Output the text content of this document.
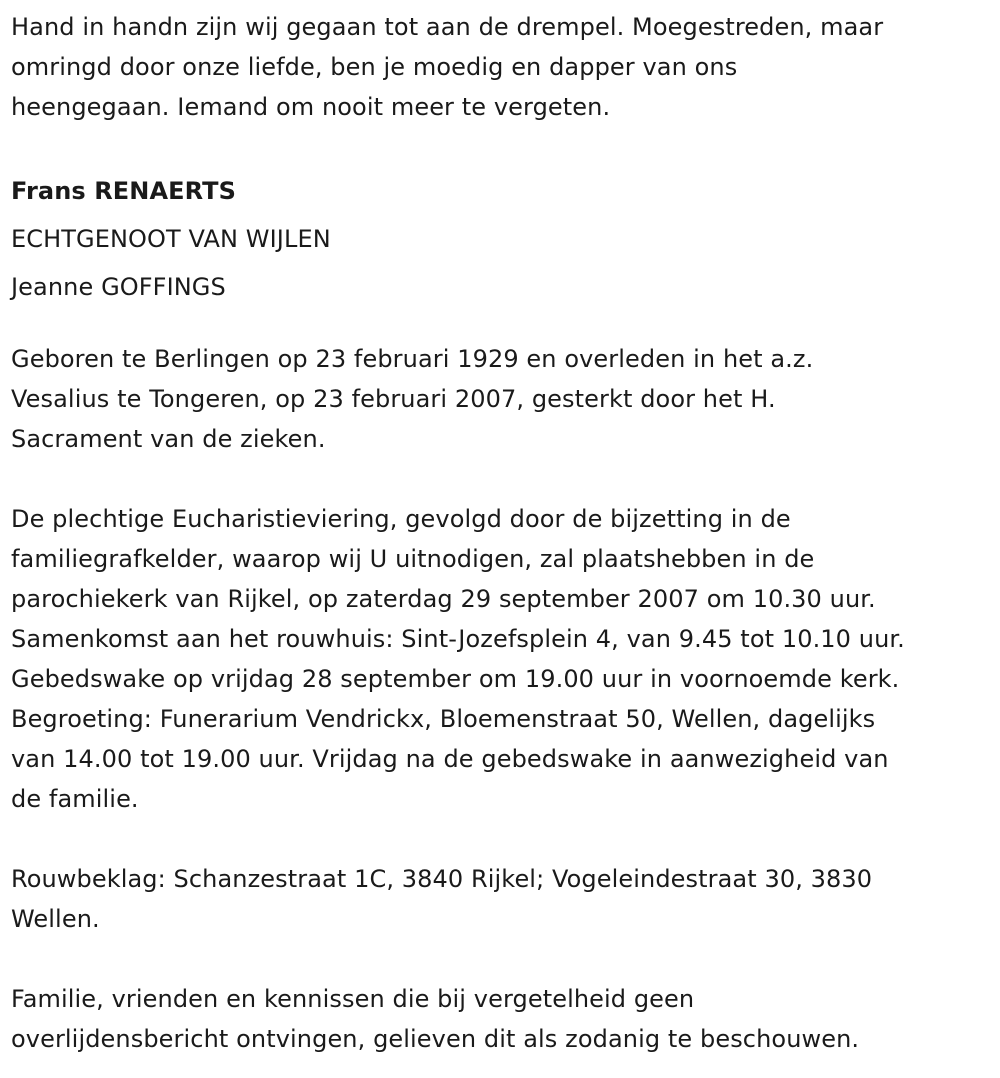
Hand in handn zijn wij gegaan tot aan de drempel. Moegestreden, maar
omringd door onze liefde, ben je moedig en dapper van ons
heengegaan. Iemand om nooit meer te vergeten.

Frans RENAERTS
ECHTGENOOT VAN WIJLEN
Jeanne GOFFINGS

Geboren te Berlingen op 23 februari 1929 en overleden in het a.z.
Vesalius te Tongeren, op 23 februari 2007, gesterkt door het H.
Sacrament van de zieken.

De plechtige Eucharistieviering, gevolgd door de bijzetting in de
familiegrafkelder, waarop wij U uitnodigen, zal plaatshebben in de
parochiekerk van Rijkel, op zaterdag 29 september 2007 om 10.30 uur.
Samenkomst aan het rouwhuis: Sint-Jozefsplein 4, van 9.45 tot 10.10 uur.
Gebedswake op vrijdag 28 september om 19.00 uur in voornoemde kerk.
Begroeting: Funerarium Vendrickx, Bloemenstraat 50, Wellen, dagelijks
van 14.00 tot 19.00 uur. Vrijdag na de gebedswake in aanwezigheid van
de familie.

Rouwbeklag: Schanzestraat 1C, 3840 Rijkel; Vogeleindestraat 30, 3830
Wellen.

Familie, vrienden en kennissen die bij vergetelheid geen
overlijdensbericht ontvingen, gelieven dit als zodanig te beschouwen.
